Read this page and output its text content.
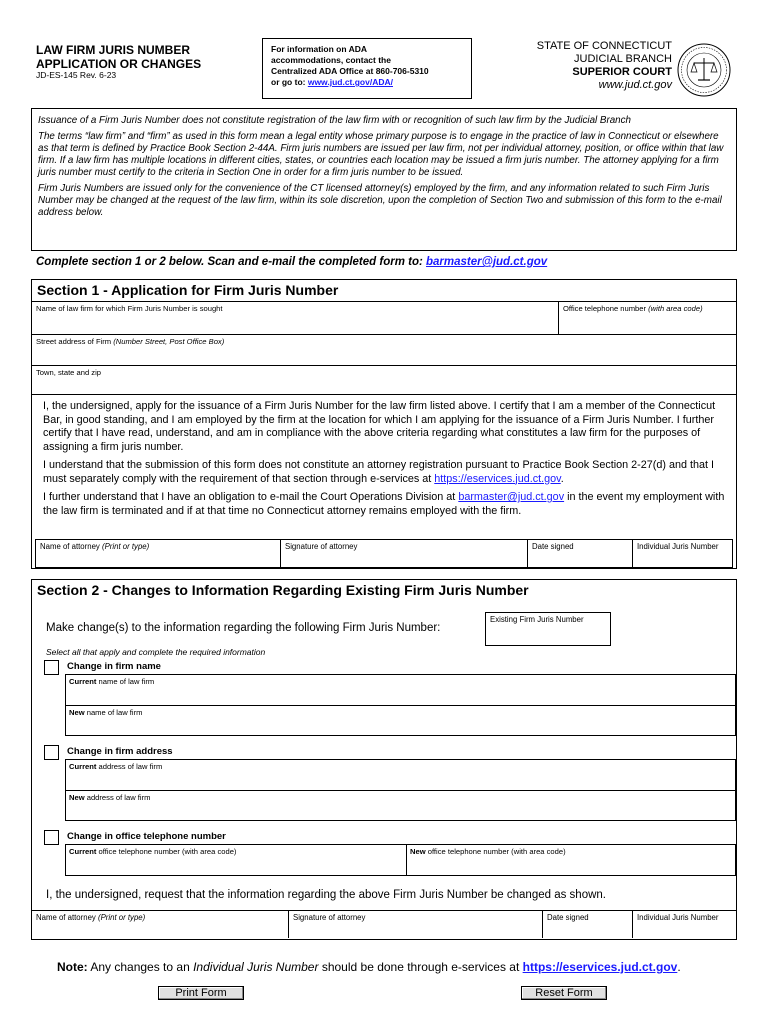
LAW FIRM JURIS NUMBER
APPLICATION OR CHANGES
JD-ES-145 Rev. 6-23
For information on ADA
accommodations, contact the
Centralized ADA Office at 860-706-5310
or go to: www.jud.ct.gov/ADA/
STATE OF CONNECTICUT
JUDICIAL BRANCH
SUPERIOR COURT
www.jud.ct.gov

Issuance of a Firm Juris Number does not constitute registration of the law firm with or recognition of such law firm by the Judicial Branch

The terms “law firm” and “firm” as used in this form mean a legal entity whose primary purpose is to engage in the practice of law in Connecticut or elsewhere as that term is defined by Practice Book Section 2-44A. Firm juris numbers are issued per law firm, not per individual attorney, position, or office within that law firm. If a law firm has multiple locations in different cities, states, or countries each location may be issued a firm juris number. The attorney applying for a firm juris number must certify to the criteria in Section One in order for a firm juris number to be issued.

Firm Juris Numbers are issued only for the convenience of the CT licensed attorney(s) employed by the firm, and any information related to such Firm Juris Number may be changed at the request of the law firm, within its sole discretion, upon the completion of Section Two and submission of this form to the e-mail address below.

Complete section 1 or 2 below. Scan and e-mail the completed form to: barmaster@jud.ct.gov
Section 1 - Application for Firm Juris Number
Name of law firm for which Firm Juris Number is sought	Office telephone number (with area code)
Street address of Firm (Number Street, Post Office Box)
Town, state and zip

I, the undersigned, apply for the issuance of a Firm Juris Number for the law firm listed above. I certify that I am a member of the Connecticut Bar, in good standing, and I am employed by the firm at the location for which I am applying for the issuance of a Firm Juris Number. I further certify that I have read, understand, and am in compliance with the above criteria regarding what constitutes a law firm for the purposes of assigning a firm juris number.

I understand that the submission of this form does not constitute an attorney registration pursuant to Practice Book Section 2-27(d) and that I must separately comply with the requirement of that section through e-services at https://eservices.jud.ct.gov.

I further understand that I have an obligation to e-mail the Court Operations Division at barmaster@jud.ct.gov in the event my employment with the law firm is terminated and if at that time no Connecticut attorney remains employed with the firm.

Name of attorney (Print or type)	Signature of attorney	Date signed	Individual Juris Number
Section 2 - Changes to Information Regarding Existing Firm Juris Number
Make change(s) to the information regarding the following Firm Juris Number:
Existing Firm Juris Number
Select all that apply and complete the required information
Change in firm name
Current name of law firm
New name of law firm
Change in firm address
Current address of law firm
New address of law firm
Change in office telephone number
Current office telephone number (with area code)	New office telephone number (with area code)
I, the undersigned, request that the information regarding the above Firm Juris Number be changed as shown.
Name of attorney (Print or type)	Signature of attorney	Date signed	Individual Juris Number
Note: Any changes to an Individual Juris Number should be done through e-services at https://eservices.jud.ct.gov.
Print Form	Reset Form
